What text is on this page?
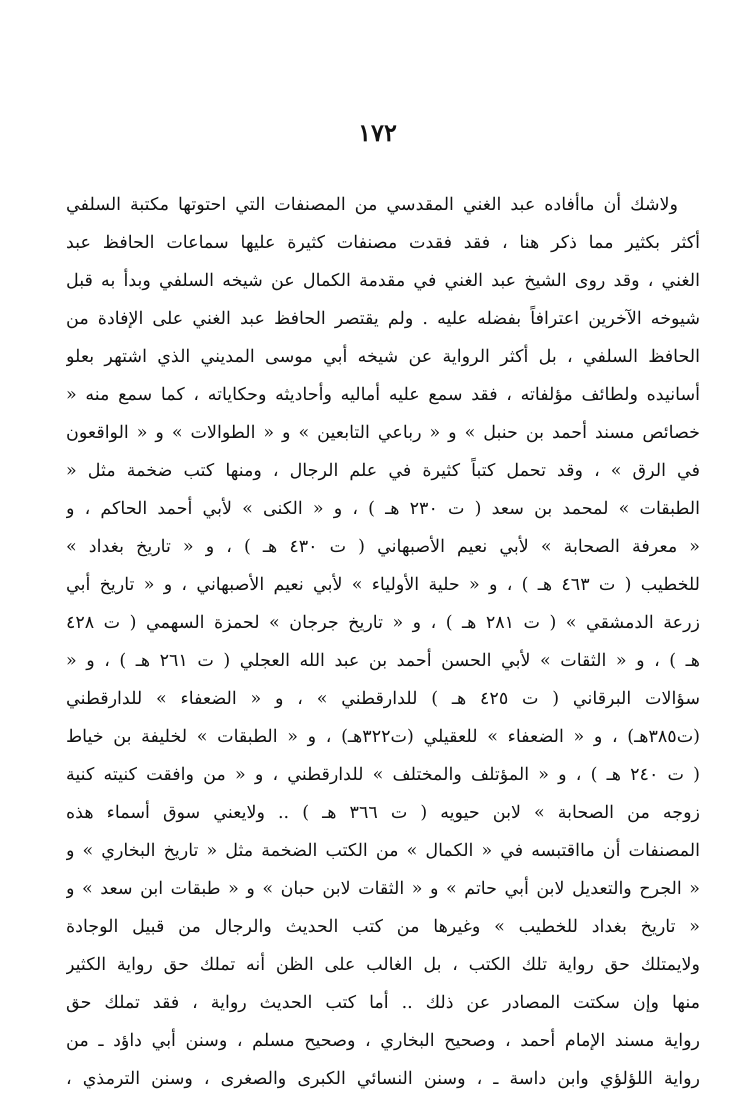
١٧٢
ولاشك أن ماأفاده عبد الغني المقدسي من المصنفات التي احتوتها مكتبة السلفي
أكثر بكثير مما ذكر هنا ، فقد فقدت مصنفات كثيرة عليها سماعات الحافظ عبد
الغني ، وقد روى الشيخ عبد الغني في مقدمة الكمال عن شيخه السلفي وبدأ به قبل
شيوخه الآخرين اعترافاً بفضله عليه . ولم يقتصر الحافظ عبد الغني على الإفادة من
الحافظ السلفي ، بل أكثر الرواية عن شيخه أبي موسى المديني الذي اشتهر بعلو
أسانيده ولطائف مؤلفاته ، فقد سمع عليه أماليه وأحاديثه وحكاياته ، كما سمع منه «
خصائص مسند أحمد بن حنبل » و « رباعي التابعين » و « الطوالات » و « الواقعون
في الرق » ، وقد تحمل كتباً كثيرة في علم الرجال ، ومنها كتب ضخمة مثل «
الطبقات » لمحمد بن سعد ( ت ٢٣٠ هـ ) ، و « الكنى » لأبي أحمد الحاكم ، و
« معرفة الصحابة » لأبي نعيم الأصبهاني ( ت ٤٣٠ هـ ) ، و « تاريخ بغداد »
للخطيب ( ت ٤٦٣ هـ ) ، و « حلية الأولياء » لأبي نعيم الأصبهاني ، و « تاريخ أبي
زرعة الدمشقي » ( ت ٢٨١ هـ ) ، و « تاريخ جرجان » لحمزة السهمي ( ت ٤٢٨
هـ ) ، و « الثقات » لأبي الحسن أحمد بن عبد الله العجلي ( ت ٢٦١ هـ ) ، و «
سؤالات البرقاني ( ت ٤٢٥ هـ ) للدارقطني » ، و « الضعفاء » للدارقطني
(ت٣٨٥هـ) ، و « الضعفاء » للعقيلي (ت٣٢٢هـ) ، و « الطبقات » لخليفة بن خياط
( ت ٢٤٠ هـ ) ، و « المؤتلف والمختلف » للدارقطني ، و « من وافقت كنيته كنية
زوجه من الصحابة » لابن حيويه ( ت ٣٦٦ هـ ) .. ولايعني سوق أسماء هذه
المصنفات أن مااقتبسه في « الكمال » من الكتب الضخمة مثل « تاريخ البخاري » و
« الجرح والتعديل لابن أبي حاتم » و « الثقات لابن حبان » و « طبقات ابن سعد » و
« تاريخ بغداد للخطيب » وغيرها من كتب الحديث والرجال من قبيل الوجادة
ولايمتلك حق رواية تلك الكتب ، بل الغالب على الظن أنه تملك حق رواية الكثير
منها وإن سكتت المصادر عن ذلك .. أما كتب الحديث رواية ، فقد تملك حق
رواية مسند الإمام أحمد ، وصحيح البخاري ، وصحيح مسلم ، وسنن أبي داؤد ـ من
رواية اللؤلؤي وابن داسة ـ ، وسنن النسائي الكبرى والصغرى ، وسنن الترمذي ،
